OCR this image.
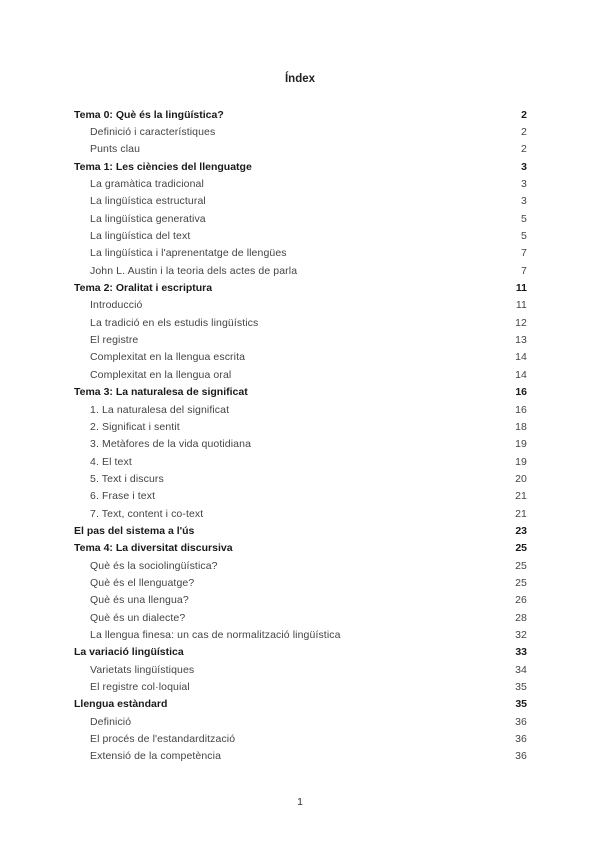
Índex
Tema 0: Què és la lingüística?	2
Definició i característiques	2
Punts clau	2
Tema 1: Les ciències del llenguatge	3
La gramàtica tradicional	3
La lingüística estructural	3
La lingüística generativa	5
La lingüística del text	5
La lingüística i l'aprenentatge de llengües	7
John L. Austin i la teoria dels actes de parla	7
Tema 2: Oralitat i escriptura	11
Introducció	11
La tradició en els estudis lingüístics	12
El registre	13
Complexitat en la llengua escrita	14
Complexitat en la llengua oral	14
Tema 3: La naturalesa de significat	16
1. La naturalesa del significat	16
2. Significat i sentit	18
3. Metàfores de la vida quotidiana	19
4. El text	19
5. Text i discurs	20
6. Frase i text	21
7. Text, content i co-text	21
El pas del sistema a l'ús	23
Tema 4: La diversitat discursiva	25
Què és la sociolingüística?	25
Què és el llenguatge?	25
Què és una llengua?	26
Què és un dialecte?	28
La llengua finesa: un cas de normalització lingüística	32
La variació lingüística	33
Varietats lingüístiques	34
El registre col·loquial	35
Llengua estàndard	35
Definició	36
El procés de l'estandardització	36
Extensió de la competència	36
1
